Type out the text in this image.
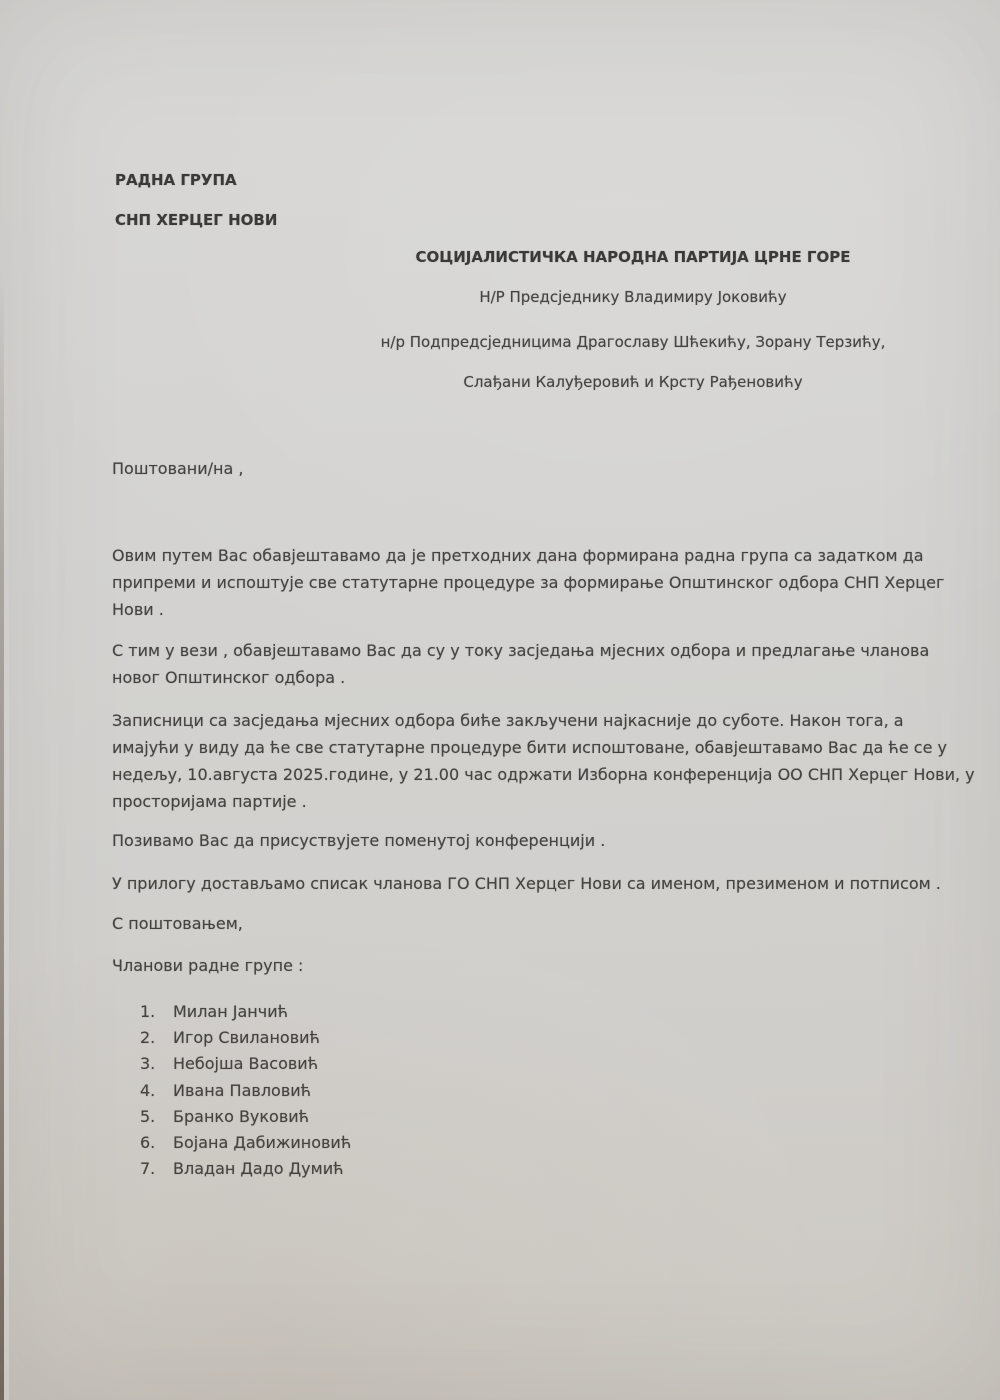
РАДНА ГРУПА
СНП ХЕРЦЕГ НОВИ
СОЦИЈАЛИСТИЧКА НАРОДНА ПАРТИЈА ЦРНЕ ГОРЕ
Н/Р Предсједнику Владимиру Јоковићу
н/р Подпредсједницима Драгославу Шћекићу, Зорану Терзићу,
Слађани Калуђеровић и Крсту Рађеновићу
Поштовани/на ,
Овим путем Вас обавјештавамо да је претходних дана формирана радна група са задатком да
припреми и испоштује све статутарне процедуре за формирање Општинског одбора СНП Херцег
Нови .
С тим у вези , обавјештавамо Вас да су у току засједања мјесних одбора и предлагање чланова
новог Општинског одбора .
Записници са засједања мјесних одбора биће закључени најкасније до суботе. Након тога, а
имајући у виду да ће све статутарне процедуре бити испоштоване, обавјештавамо Вас да ће се у
недељу, 10.августа 2025.године, у 21.00 час одржати Изборна конференција ОО СНП Херцег Нови, у
просторијама партије .
Позивамо Вас да присуствујете поменутој конференцији .
У прилогу достављамо списак чланова ГО СНП Херцег Нови са именом, презименом и потписом .
С поштовањем,
Чланови радне групе :
1.	Милан Јанчић
2.	Игор Свилановић
3.	Небојша Васовић
4.	Ивана Павловић
5.	Бранко Вуковић
6.	Бојана Дабижиновић
7.	Владан Дадо Думић
